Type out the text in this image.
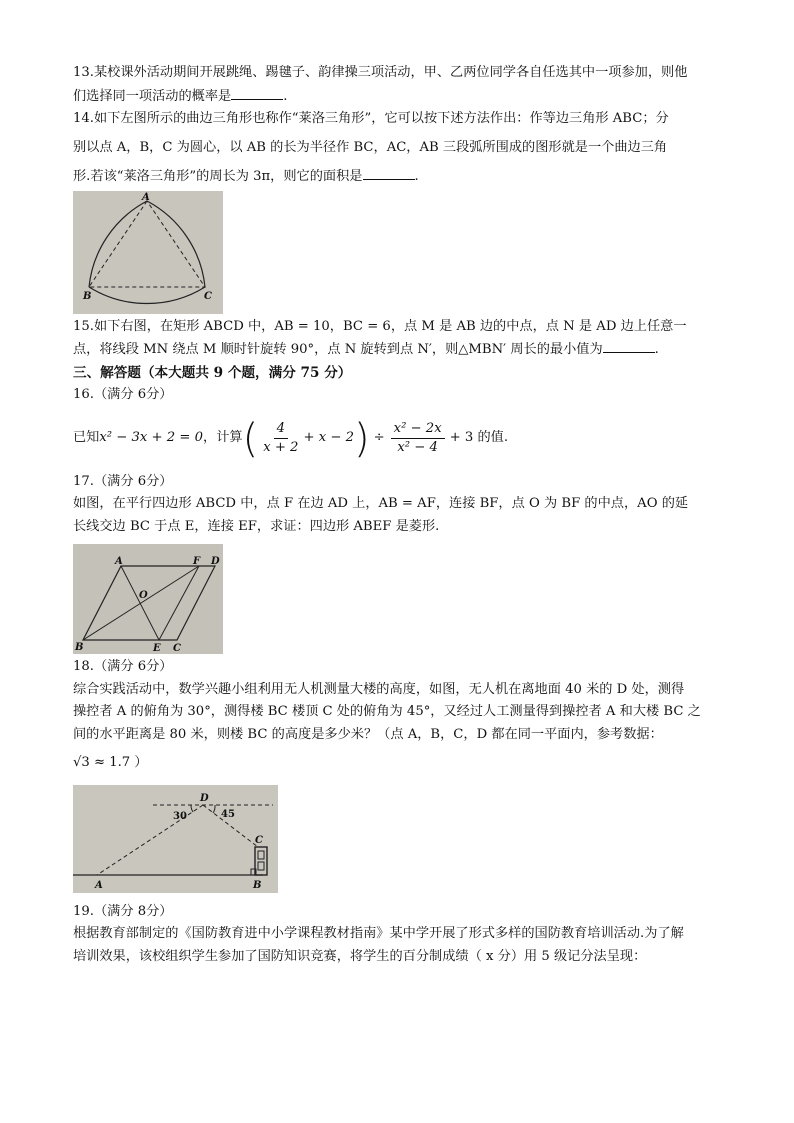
13.某校课外活动期间开展跳绳、踢毽子、韵律操三项活动，甲、乙两位同学各自任选其中一项参加，则他
们选择同一项活动的概率是	.
14.如下左图所示的曲边三角形也称作“莱洛三角形”，它可以按下述方法作出：作等边三角形 ABC；分
别以点 A，B，C 为圆心，以 AB 的长为半径作 BC，AC，AB 三段弧所围成的图形就是一个曲边三角
形.若该“莱洛三角形”的周长为 3π，则它的面积是	.
A
B	C
15.如下右图，在矩形 ABCD 中，AB = 10，BC = 6，点 M 是 AB 边的中点，点 N 是 AD 边上任意一
点，将线段 MN 绕点 M 顺时针旋转 90°，点 N 旋转到点 N′，则△MBN′ 周长的最小值为	.
三、解答题（本大题共 9 个题，满分 75 分）
16.（满分 6分）
已知 x² − 3x + 2 = 0 ，计算 ( $\frac{4}{x + 2} + x - 2$ ) ÷ $\frac{\text{x² − 2x}}{\text{x² − 4}} + 3$ 的值.
17.（满分 6分）
如图，在平行四边形 ABCD 中，点 F 在边 AD 上，AB = AF，连接 BF，点 O 为 BF 的中点，AO 的延
长线交边 BC 于点 E，连接 EF，求证：四边形 ABEF 是菱形.
A	F D
O
B	E C
18.（满分 6分）
综合实践活动中，数学兴趣小组利用无人机测量大楼的高度，如图，无人机在离地面 40 米的 D 处，测得
操控者 A 的俯角为 30°，测得楼 BC 楼顶 C 处的俯角为 45°，又经过人工测量得到操控者 A 和大楼 BC 之
间的水平距离是 80 米，则楼 BC 的高度是多少米？（点 A，B，C，D 都在同一平面内，参考数据：
√3 ≈ 1.7 ）
D
30	45
C
A	B
19.（满分 8分）
根据教育部制定的《国防教育进中小学课程教材指南》某中学开展了形式多样的国防教育培训活动.为了解
培训效果，该校组织学生参加了国防知识竞赛，将学生的百分制成绩（ x 分）用 5 级记分法呈现：
